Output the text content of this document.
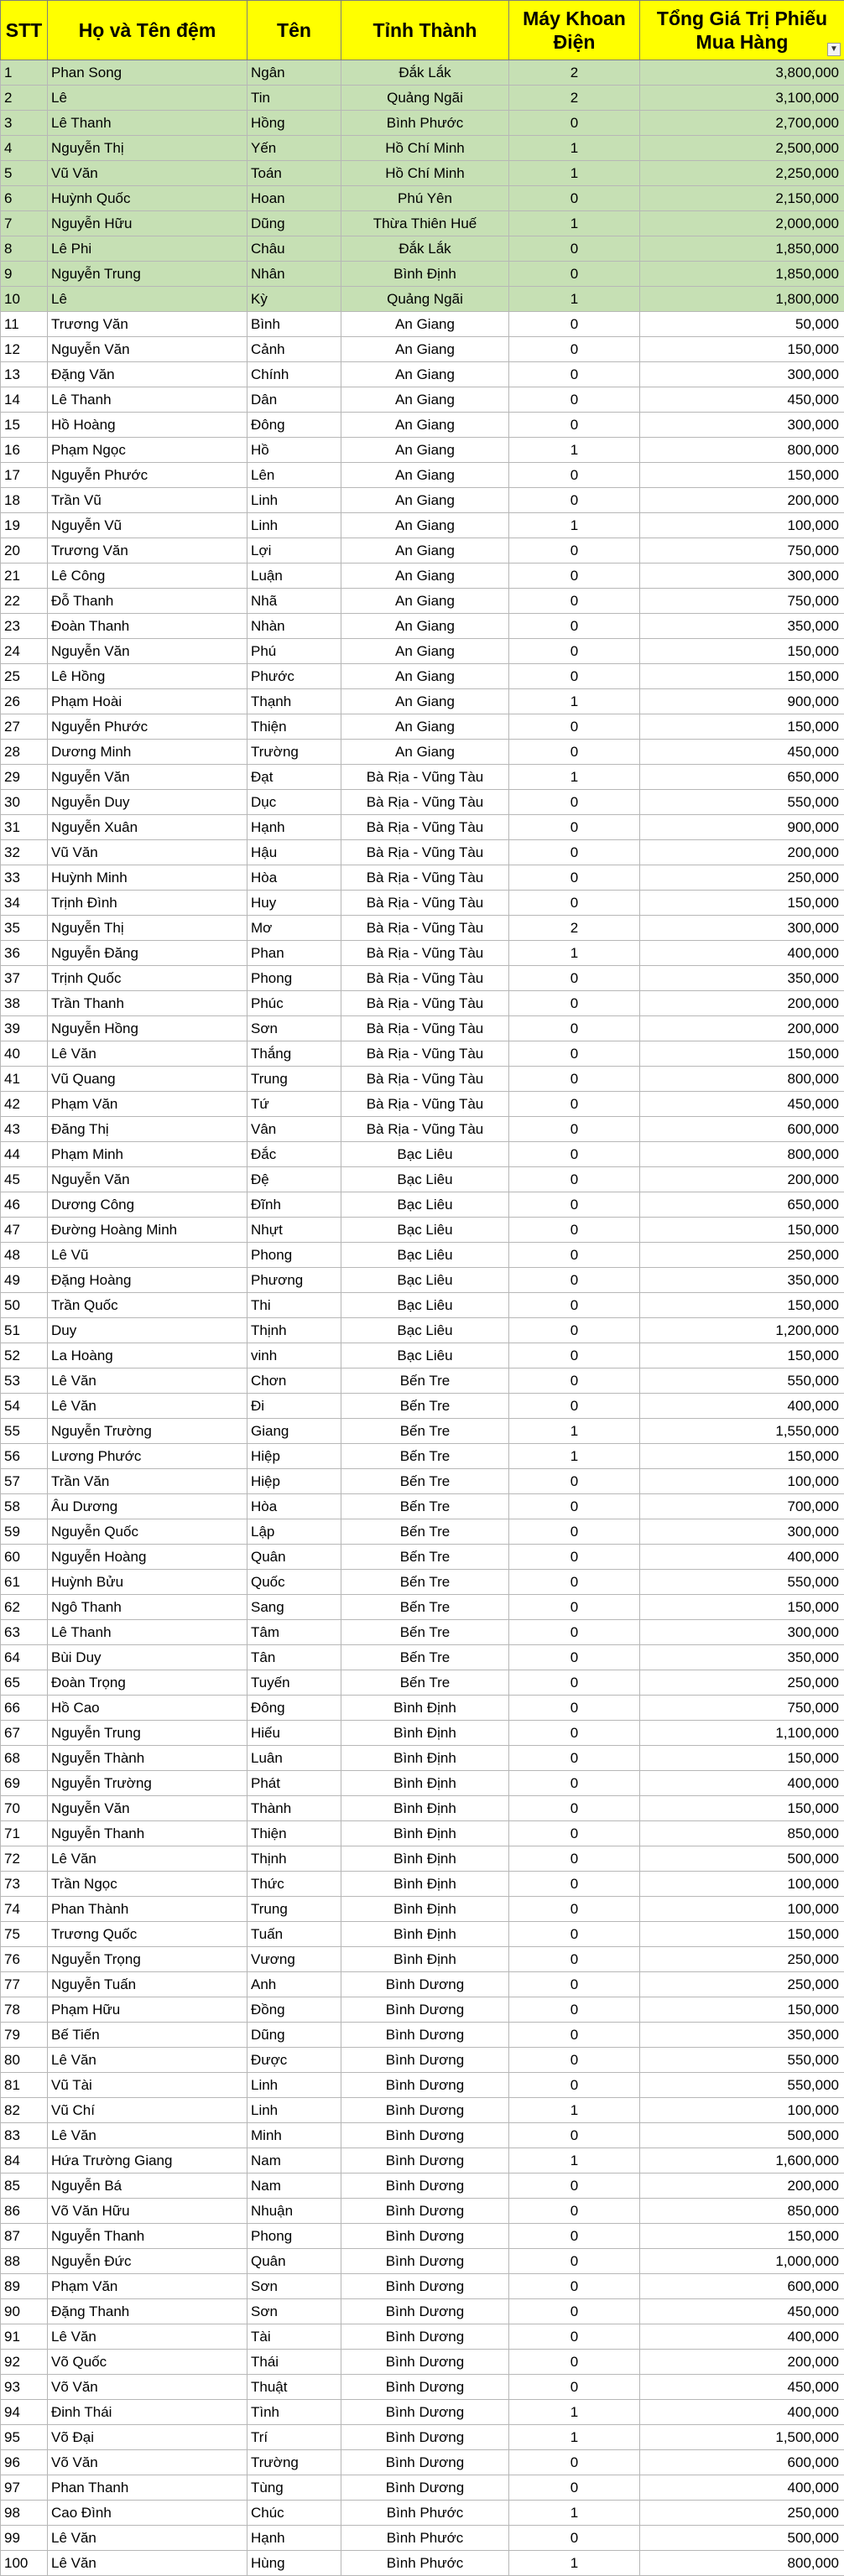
STT	Họ và Tên đệm	Tên	Tỉnh Thành	Máy Khoan Điện	Tổng Giá Trị Phiếu Mua Hàng ▼

1	Phan Song	Ngân	Đắk Lắk	2	3,800,000
2	Lê	Tin	Quảng Ngãi	2	3,100,000
3	Lê Thanh	Hồng	Bình Phước	0	2,700,000
4	Nguyễn Thị	Yến	Hồ Chí Minh	1	2,500,000
5	Vũ Văn	Toán	Hồ Chí Minh	1	2,250,000
6	Huỳnh Quốc	Hoan	Phú Yên	0	2,150,000
7	Nguyễn Hữu	Dũng	Thừa Thiên Huế	1	2,000,000
8	Lê Phi	Châu	Đắk Lắk	0	1,850,000
9	Nguyễn Trung	Nhân	Bình Định	0	1,850,000
10	Lê	Kỳ	Quảng Ngãi	1	1,800,000
11	Trương Văn	Bình	An Giang	0	50,000
12	Nguyễn Văn	Cảnh	An Giang	0	150,000
13	Đặng Văn	Chính	An Giang	0	300,000
14	Lê Thanh	Dân	An Giang	0	450,000
15	Hồ Hoàng	Đông	An Giang	0	300,000
16	Phạm Ngọc	Hồ	An Giang	1	800,000
17	Nguyễn Phước	Lên	An Giang	0	150,000
18	Trần Vũ	Linh	An Giang	0	200,000
19	Nguyễn Vũ	Linh	An Giang	1	100,000
20	Trương Văn	Lợi	An Giang	0	750,000
21	Lê Công	Luận	An Giang	0	300,000
22	Đỗ Thanh	Nhã	An Giang	0	750,000
23	Đoàn Thanh	Nhàn	An Giang	0	350,000
24	Nguyễn Văn	Phú	An Giang	0	150,000
25	Lê Hồng	Phước	An Giang	0	150,000
26	Phạm Hoài	Thạnh	An Giang	1	900,000
27	Nguyễn Phước	Thiện	An Giang	0	150,000
28	Dương Minh	Trường	An Giang	0	450,000
29	Nguyễn Văn	Đạt	Bà Rịa - Vũng Tàu	1	650,000
30	Nguyễn Duy	Dục	Bà Rịa - Vũng Tàu	0	550,000
31	Nguyễn Xuân	Hạnh	Bà Rịa - Vũng Tàu	0	900,000
32	Vũ Văn	Hậu	Bà Rịa - Vũng Tàu	0	200,000
33	Huỳnh Minh	Hòa	Bà Rịa - Vũng Tàu	0	250,000
34	Trịnh Đình	Huy	Bà Rịa - Vũng Tàu	0	150,000
35	Nguyễn Thị	Mơ	Bà Rịa - Vũng Tàu	2	300,000
36	Nguyễn Đăng	Phan	Bà Rịa - Vũng Tàu	1	400,000
37	Trịnh Quốc	Phong	Bà Rịa - Vũng Tàu	0	350,000
38	Trần Thanh	Phúc	Bà Rịa - Vũng Tàu	0	200,000
39	Nguyễn Hồng	Sơn	Bà Rịa - Vũng Tàu	0	200,000
40	Lê Văn	Thắng	Bà Rịa - Vũng Tàu	0	150,000
41	Vũ Quang	Trung	Bà Rịa - Vũng Tàu	0	800,000
42	Phạm Văn	Tứ	Bà Rịa - Vũng Tàu	0	450,000
43	Đăng Thị	Vân	Bà Rịa - Vũng Tàu	0	600,000
44	Phạm Minh	Đắc	Bạc Liêu	0	800,000
45	Nguyễn Văn	Đệ	Bạc Liêu	0	200,000
46	Dương Công	Đĩnh	Bạc Liêu	0	650,000
47	Đường Hoàng Minh	Nhựt	Bạc Liêu	0	150,000
48	Lê Vũ	Phong	Bạc Liêu	0	250,000
49	Đặng Hoàng	Phương	Bạc Liêu	0	350,000
50	Trần Quốc	Thi	Bạc Liêu	0	150,000
51	Duy	Thịnh	Bạc Liêu	0	1,200,000
52	La Hoàng	vinh	Bạc Liêu	0	150,000
53	Lê Văn	Chơn	Bến Tre	0	550,000
54	Lê Văn	Đi	Bến Tre	0	400,000
55	Nguyễn Trường	Giang	Bến Tre	1	1,550,000
56	Lương Phước	Hiệp	Bến Tre	1	150,000
57	Trần Văn	Hiệp	Bến Tre	0	100,000
58	Âu Dương	Hòa	Bến Tre	0	700,000
59	Nguyễn Quốc	Lập	Bến Tre	0	300,000
60	Nguyễn Hoàng	Quân	Bến Tre	0	400,000
61	Huỳnh Bửu	Quốc	Bến Tre	0	550,000
62	Ngô Thanh	Sang	Bến Tre	0	150,000
63	Lê Thanh	Tâm	Bến Tre	0	300,000
64	Bùi Duy	Tân	Bến Tre	0	350,000
65	Đoàn Trọng	Tuyến	Bến Tre	0	250,000
66	Hồ Cao	Đông	Bình Định	0	750,000
67	Nguyễn Trung	Hiếu	Bình Định	0	1,100,000
68	Nguyễn Thành	Luân	Bình Định	0	150,000
69	Nguyễn Trường	Phát	Bình Định	0	400,000
70	Nguyễn Văn	Thành	Bình Định	0	150,000
71	Nguyễn Thanh	Thiện	Bình Định	0	850,000
72	Lê Văn	Thịnh	Bình Định	0	500,000
73	Trần Ngọc	Thức	Bình Định	0	100,000
74	Phan Thành	Trung	Bình Định	0	100,000
75	Trương Quốc	Tuấn	Bình Định	0	150,000
76	Nguyễn Trọng	Vương	Bình Định	0	250,000
77	Nguyễn Tuấn	Anh	Bình Dương	0	250,000
78	Phạm Hữu	Đồng	Bình Dương	0	150,000
79	Bế Tiến	Dũng	Bình Dương	0	350,000
80	Lê Văn	Được	Bình Dương	0	550,000
81	Vũ Tài	Linh	Bình Dương	0	550,000
82	Vũ Chí	Linh	Bình Dương	1	100,000
83	Lê Văn	Minh	Bình Dương	0	500,000
84	Hứa Trường Giang	Nam	Bình Dương	1	1,600,000
85	Nguyễn Bá	Nam	Bình Dương	0	200,000
86	Võ Văn Hữu	Nhuận	Bình Dương	0	850,000
87	Nguyễn Thanh	Phong	Bình Dương	0	150,000
88	Nguyễn Đức	Quân	Bình Dương	0	1,000,000
89	Phạm Văn	Sơn	Bình Dương	0	600,000
90	Đặng Thanh	Sơn	Bình Dương	0	450,000
91	Lê Văn	Tài	Bình Dương	0	400,000
92	Võ Quốc	Thái	Bình Dương	0	200,000
93	Võ Văn	Thuật	Bình Dương	0	450,000
94	Đinh Thái	Tình	Bình Dương	1	400,000
95	Võ Đại	Trí	Bình Dương	1	1,500,000
96	Võ Văn	Trường	Bình Dương	0	600,000
97	Phan Thanh	Tùng	Bình Dương	0	400,000
98	Cao Đình	Chúc	Bình Phước	1	250,000
99	Lê Văn	Hạnh	Bình Phước	0	500,000
100	Lê Văn	Hùng	Bình Phước	1	800,000
